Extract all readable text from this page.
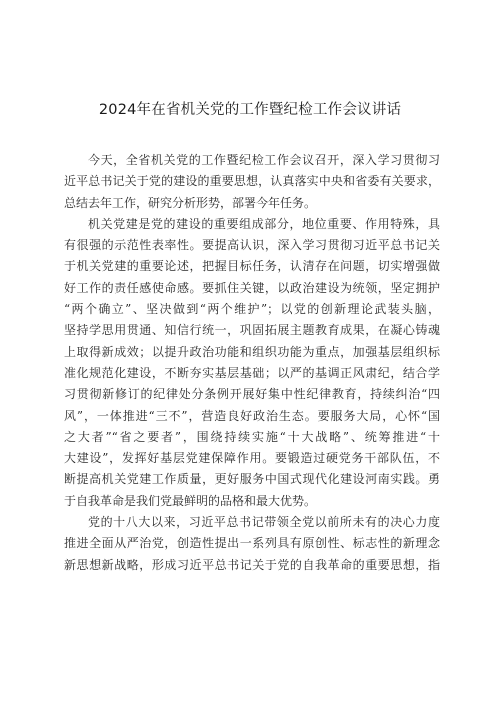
2024年在省机关党的工作暨纪检工作会议讲话
今天，全省机关党的工作暨纪检工作会议召开，深入学习贯彻习
近平总书记关于党的建设的重要思想，认真落实中央和省委有关要求，
总结去年工作，研究分析形势，部署今年任务。
机关党建是党的建设的重要组成部分，地位重要、作用特殊，具
有很强的示范性表率性。要提高认识，深入学习贯彻习近平总书记关
于机关党建的重要论述，把握目标任务，认清存在问题，切实增强做
好工作的责任感使命感。要抓住关键，以政治建设为统领，坚定拥护
“两个确立”、坚决做到“两个维护”；以党的创新理论武装头脑，
坚持学思用贯通、知信行统一，巩固拓展主题教育成果，在凝心铸魂
上取得新成效；以提升政治功能和组织功能为重点，加强基层组织标
准化规范化建设，不断夯实基层基础；以严的基调正风肃纪，结合学
习贯彻新修订的纪律处分条例开展好集中性纪律教育，持续纠治“四
风”，一体推进“三不”，营造良好政治生态。要服务大局，心怀“国
之大者”“省之要者”，围绕持续实施“十大战略”、统筹推进“十
大建设”，发挥好基层党建保障作用。要锻造过硬党务干部队伍，不
断提高机关党建工作质量，更好服务中国式现代化建设河南实践。勇
于自我革命是我们党最鲜明的品格和最大优势。
党的十八大以来，习近平总书记带领全党以前所未有的决心力度
推进全面从严治党，创造性提出一系列具有原创性、标志性的新理念
新思想新战略，形成习近平总书记关于党的自我革命的重要思想，指
